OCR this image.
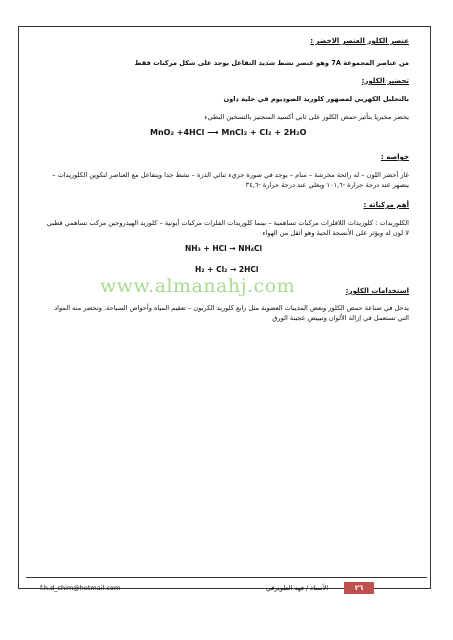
عنصر الكلور العنصر الاخضر :
من عناصر المجموعة 7A وهو عنصر نشط شديد التفاعل يوجد على شكل مركبات فقط
تحضير الكلور:
بالتحليل الكهربي لمصهور كلوريد الصوديوم في خلية داون
يحضر مخبريا بتأثير حمض الكلور على ثاني أكسيد المنجنيز بالتسخين البطيء
MnO₂ +4HCl ⟶ MnCl₂ + Cl₂ + 2H₂O
خواصه :
غاز أخضر اللون – له رائحة مخرشة – سام – يوجد في صورة جزيء ثنائي الذرة – نشط جدا ويتفاعل مع العناصر لتكوين الكلوريدات – ينصهر عند درجة حرارة -١٠١,٦ ويغلي عند درجة حرارة -٣٤,٦
أهم مركباته :
الكلوريدات : كلوريدات اللافلزات مركبات تساهمية – بينما كلوريدات الفلزات مركبات أيونية – كلوريد الهيدروجين مركب تساهمي قطبي لا لون له ويؤثر على الأنسجة الحية وهو أثقل من الهواء
NH₃ + HCl → NH₄Cl
H₂ + Cl₂ → 2HCl
استخدامات الكلور:
يدخل في صناعة حمض الكلور وبعض المذيبات العضوية مثل رابع كلوريد الكربون – تعقيم المياه وأحواض السباحة. وتحضر منه المواد التي تستعمل في إزالة الألوان وتبييض عجينة الورق
www.almanahj.com
f.h.d_chim@hotmail.com	الأستاذ / فهد الطويرقي	٢٦
